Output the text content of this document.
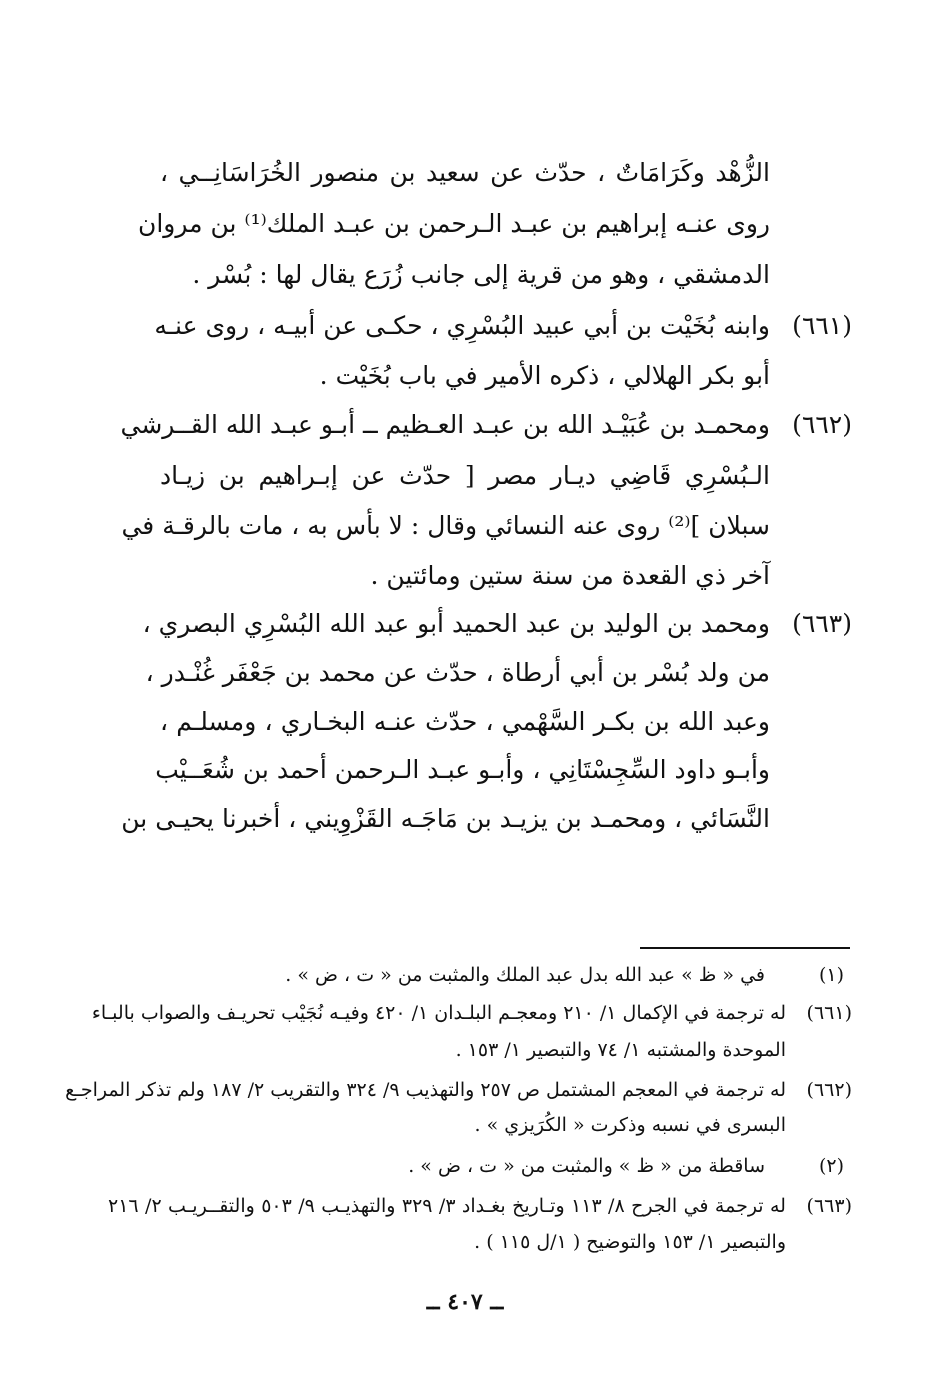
الزُّهْد وكَرَامَاتٌ ، حدّث عن سعيد بن منصور الخُرَاسَانِــي ،
روى عنـه إبراهيم بن عبـد الـرحمن بن عبـد الملك⁽¹⁾ بن مروان
الدمشقي ، وهو من قرية إلى جانب زُرَع يقال لها : بُسْر .
(٦٦١)
وابنه بُخَيْت بن أبي عبيد البُسْرِي ، حكـى عن أبيـه ، روى عنـه
أبو بكر الهلالي ، ذكره الأمير في باب بُخَيْت .
(٦٦٢)
ومحمـد بن عُبَيْـد الله بن عبـد العـظيم ــ أبـو عبـد الله القــرشي
الـبُسْرِي قَاضِي ديـار مصر [ حدّث عن إبـراهيم بن زيـاد
سبلان ]⁽²⁾ روى عنه النسائي وقال : لا بأس به ، مات بالرقـة في
آخر ذي القعدة من سنة ستين ومائتين .
(٦٦٣)
ومحمد بن الوليد بن عبد الحميد أبو عبد الله البُسْرِي البصري ،
من ولد بُسْر بن أبي أرطاة ، حدّث عن محمد بن جَعْفَر غُنْـدر ،
وعبد الله بن بكـر السَّهْمي ، حدّث عنـه البخـاري ، ومسلـم ،
وأبـو داود السِّجِسْتَانِي ، وأبـو عبـد الـرحمن أحمد بن شُعَــيْب
النَّسَائي ، ومحمـد بن يزيـد بن مَاجَـه القَزْوِيني ، أخبرنا يحيـى بن
(١)
في « ظ » عبد الله بدل عبد الملك والمثبت من « ت ، ض » .
(٦٦١)
له ترجمة في الإكمال ١/ ٢١٠ ومعجـم البلـدان ١/ ٤٢٠ وفيـه نُجَيْب تحريـف والصواب بالبـاء
الموحدة والمشتبه ١/ ٧٤ والتبصير ١/ ١٥٣ .
(٦٦٢)
له ترجمة في المعجم المشتمل ص ٢٥٧ والتهذيب ٩/ ٣٢٤ والتقريب ٢/ ١٨٧ ولم تذكر المراجـع
البسرى في نسبه وذكرت « الكُرَيزي » .
(٢)
ساقطة من « ظ » والمثبت من « ت ، ض » .
(٦٦٣)
له ترجمة في الجرح ٨/ ١١٣ وتـاريخ بغـداد ٣/ ٣٢٩ والتهذيـب ٩/ ٥٠٣ والتقــريـب ٢/ ٢١٦
والتبصير ١/ ١٥٣ والتوضيح ( ١/ل ١١٥ ) .
ــ ٤٠٧ ــ
